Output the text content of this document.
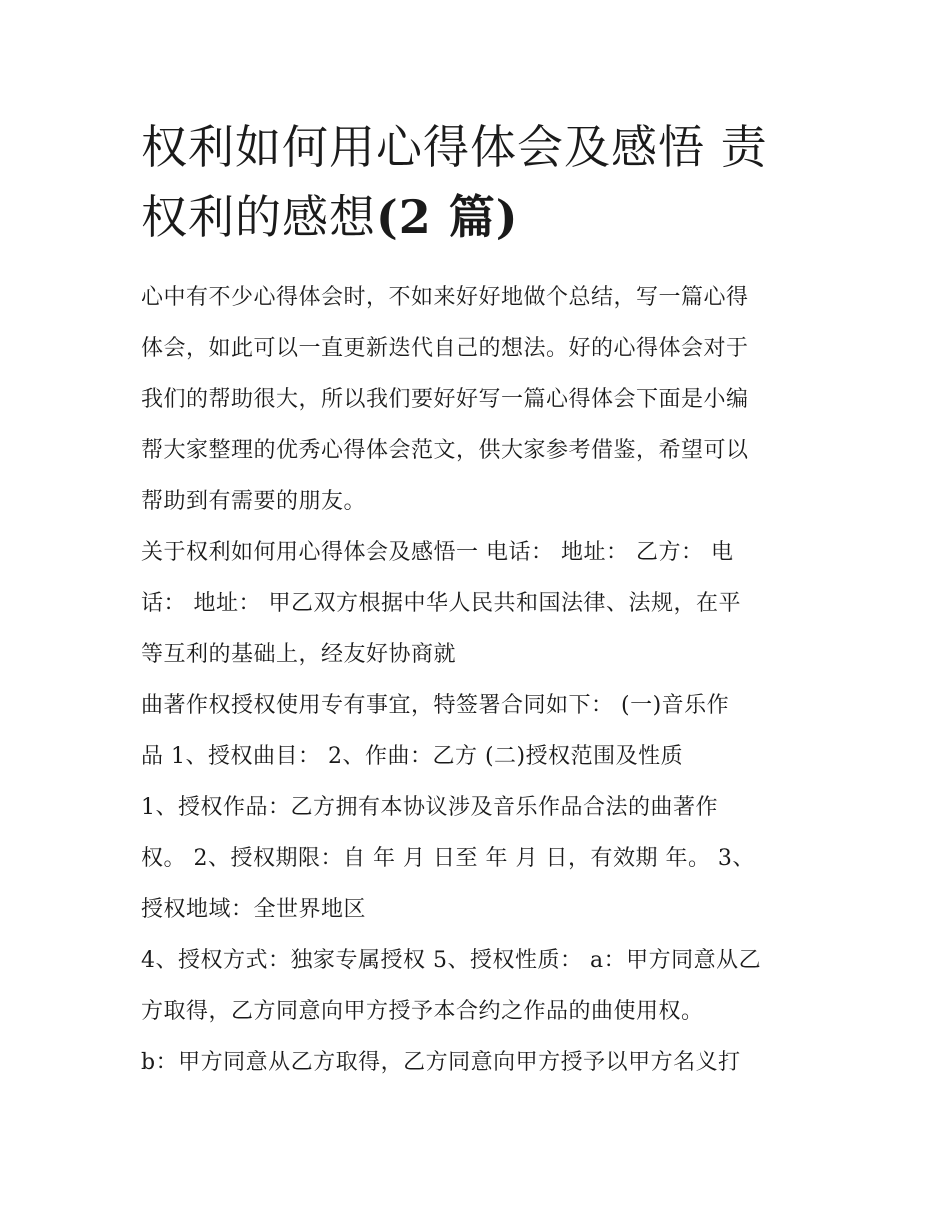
权利如何用心得体会及感悟 责
权利的感想(2 篇)

心中有不少心得体会时，不如来好好地做个总结，写一篇心得
体会，如此可以一直更新迭代自己的想法。好的心得体会对于
我们的帮助很大，所以我们要好好写一篇心得体会下面是小编
帮大家整理的优秀心得体会范文，供大家参考借鉴，希望可以
帮助到有需要的朋友。

关于权利如何用心得体会及感悟一 电话： 地址： 乙方： 电
话： 地址： 甲乙双方根据中华人民共和国法律、法规，在平
等互利的基础上，经友好协商就

曲著作权授权使用专有事宜，特签署合同如下： (一)音乐作
品 1、授权曲目： 2、作曲：乙方 (二)授权范围及性质

1、授权作品：乙方拥有本协议涉及音乐作品合法的曲著作
权。 2、授权期限：自 年 月 日至 年 月 日，有效期 年。 3、
授权地域：全世界地区

4、授权方式：独家专属授权 5、授权性质： a：甲方同意从乙
方取得，乙方同意向甲方授予本合约之作品的曲使用权。

b：甲方同意从乙方取得，乙方同意向甲方授予以甲方名义打
